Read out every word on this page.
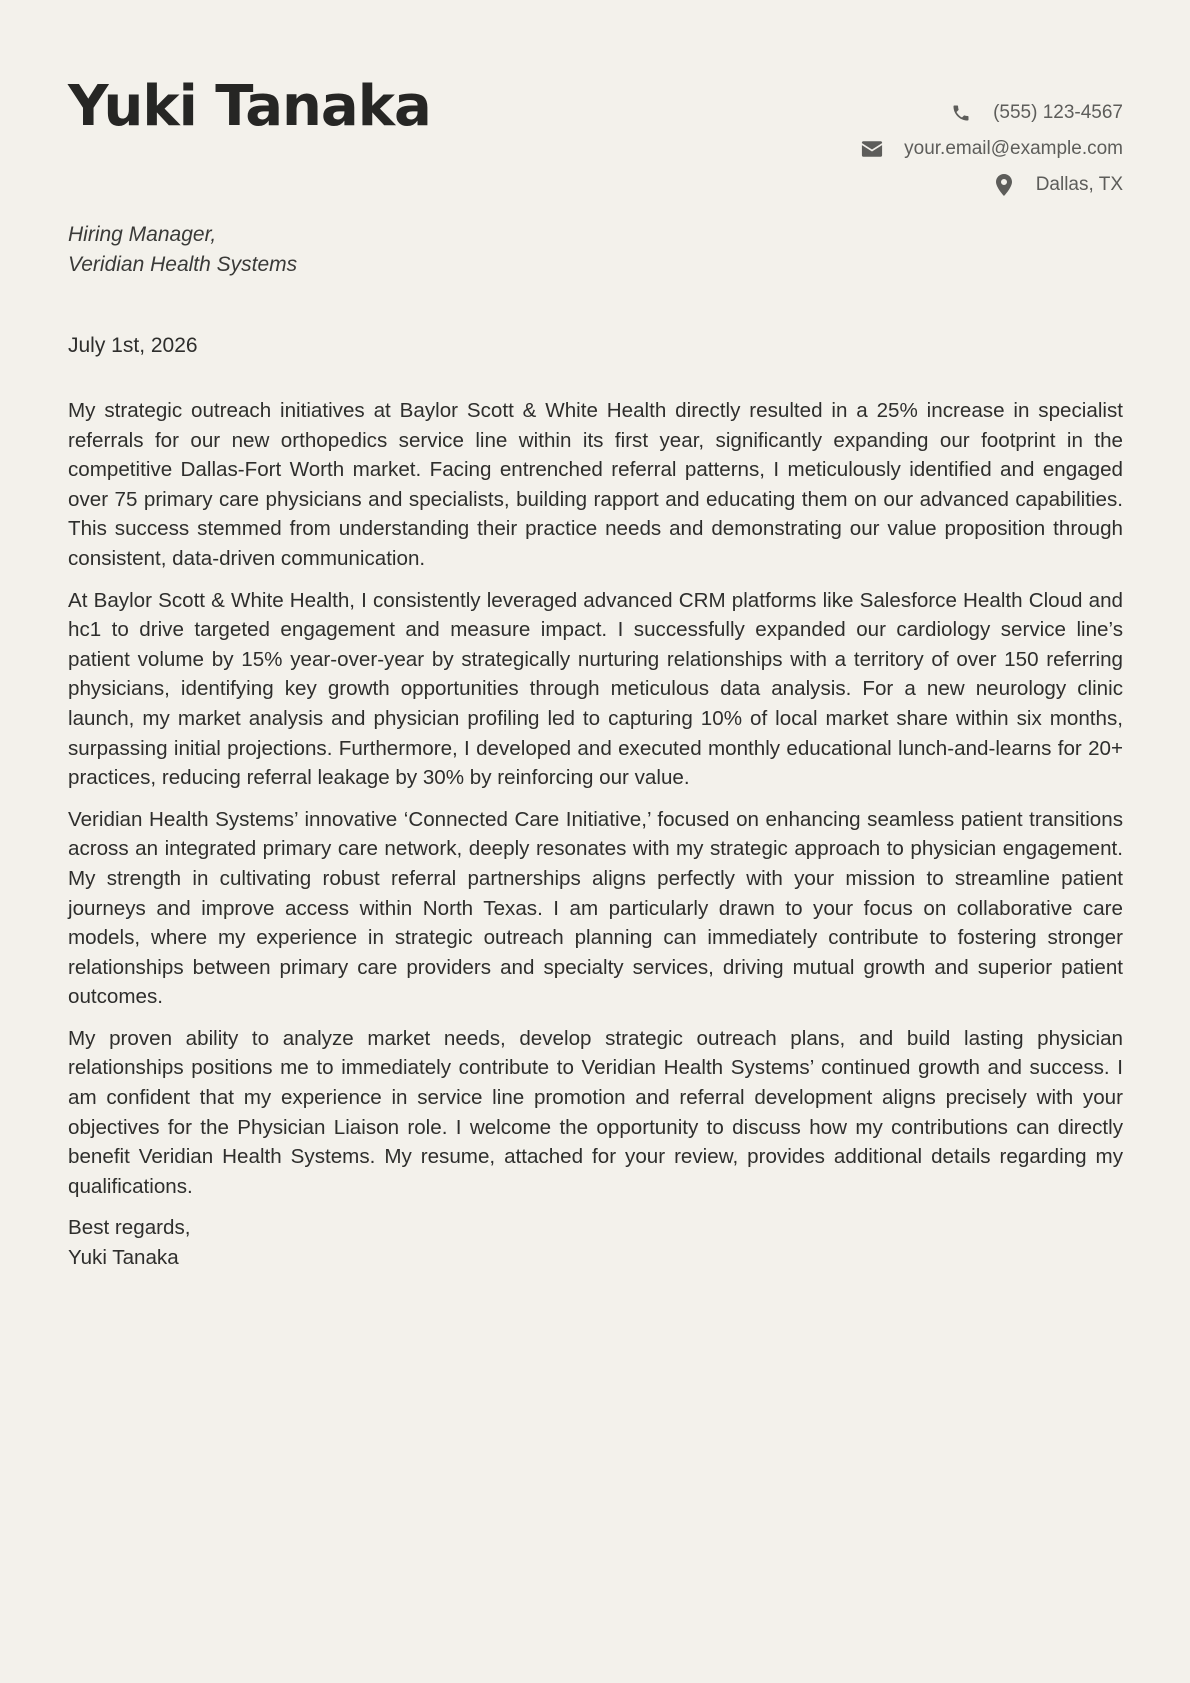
Yuki Tanaka	(555) 123-4567
your.email@example.com
Dallas, TX
Hiring Manager,
Veridian Health Systems
July 1st, 2026

My strategic outreach initiatives at Baylor Scott & White Health directly resulted in a 25% increase in specialist referrals for our new orthopedics service line within its first year, significantly expanding our footprint in the competitive Dallas-Fort Worth market. Facing entrenched referral patterns, I meticulously identified and engaged over 75 primary care physicians and specialists, building rapport and educating them on our advanced capabilities. This success stemmed from understanding their practice needs and demonstrating our value proposition through consistent, data-driven communication.

At Baylor Scott & White Health, I consistently leveraged advanced CRM platforms like Salesforce Health Cloud and hc1 to drive targeted engagement and measure impact. I successfully expanded our cardiology service line’s patient volume by 15% year-over-year by strategically nurturing relationships with a territory of over 150 referring physicians, identifying key growth opportunities through meticulous data analysis. For a new neurology clinic launch, my market analysis and physician profiling led to capturing 10% of local market share within six months, surpassing initial projections. Furthermore, I developed and executed monthly educational lunch-and-learns for 20+ practices, reducing referral leakage by 30% by reinforcing our value.

Veridian Health Systems’ innovative ‘Connected Care Initiative,’ focused on enhancing seamless patient transitions across an integrated primary care network, deeply resonates with my strategic approach to physician engagement. My strength in cultivating robust referral partnerships aligns perfectly with your mission to streamline patient journeys and improve access within North Texas. I am particularly drawn to your focus on collaborative care models, where my experience in strategic outreach planning can immediately contribute to fostering stronger relationships between primary care providers and specialty services, driving mutual growth and superior patient outcomes.

My proven ability to analyze market needs, develop strategic outreach plans, and build lasting physician relationships positions me to immediately contribute to Veridian Health Systems’ continued growth and success. I am confident that my experience in service line promotion and referral development aligns precisely with your objectives for the Physician Liaison role. I welcome the opportunity to discuss how my contributions can directly benefit Veridian Health Systems. My resume, attached for your review, provides additional details regarding my qualifications.

Best regards,
Yuki Tanaka
